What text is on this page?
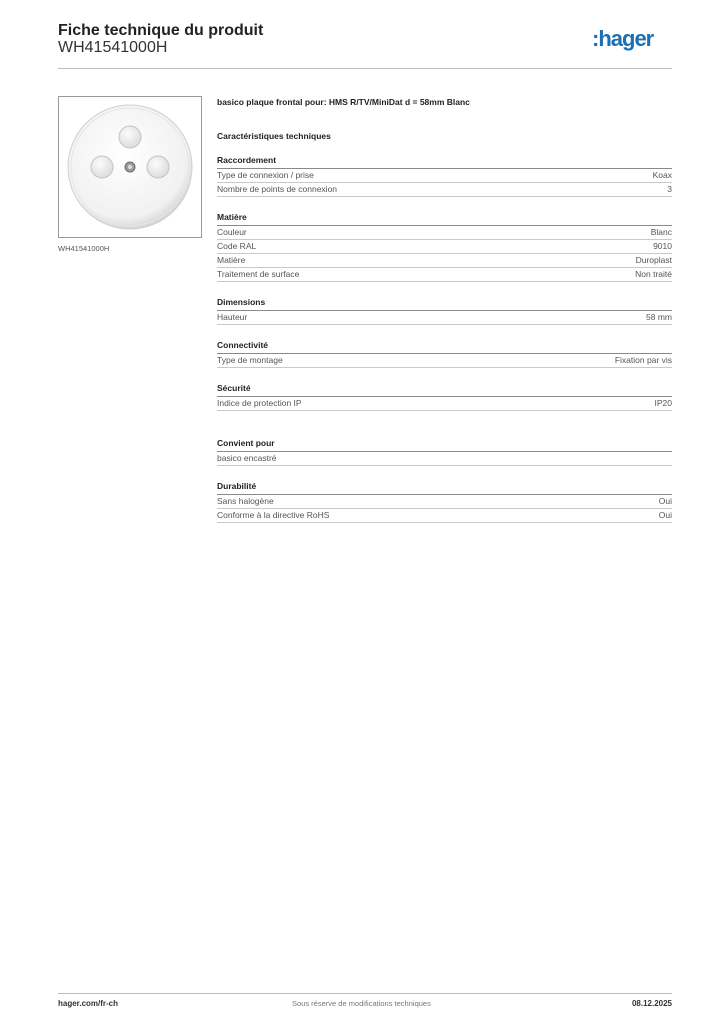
Fiche technique du produit
WH41541000H	:hager
WH41541000H
basico plaque frontal pour: HMS R/TV/MiniDat d = 58mm Blanc
Caractéristiques techniques
Raccordement
Type de connexion / prise	Koax
Nombre de points de connexion	3
Matière
Couleur	Blanc
Code RAL	9010
Matière	Duroplast
Traitement de surface	Non traité
Dimensions
Hauteur	58 mm
Connectivité
Type de montage	Fixation par vis
Sécurité
Indice de protection IP	IP20
Convient pour
basico encastré
Durabilité
Sans halogène	Oui
Conforme à la directive RoHS	Oui
hager.com/fr-ch	Sous réserve de modifications techniques	08.12.2025
